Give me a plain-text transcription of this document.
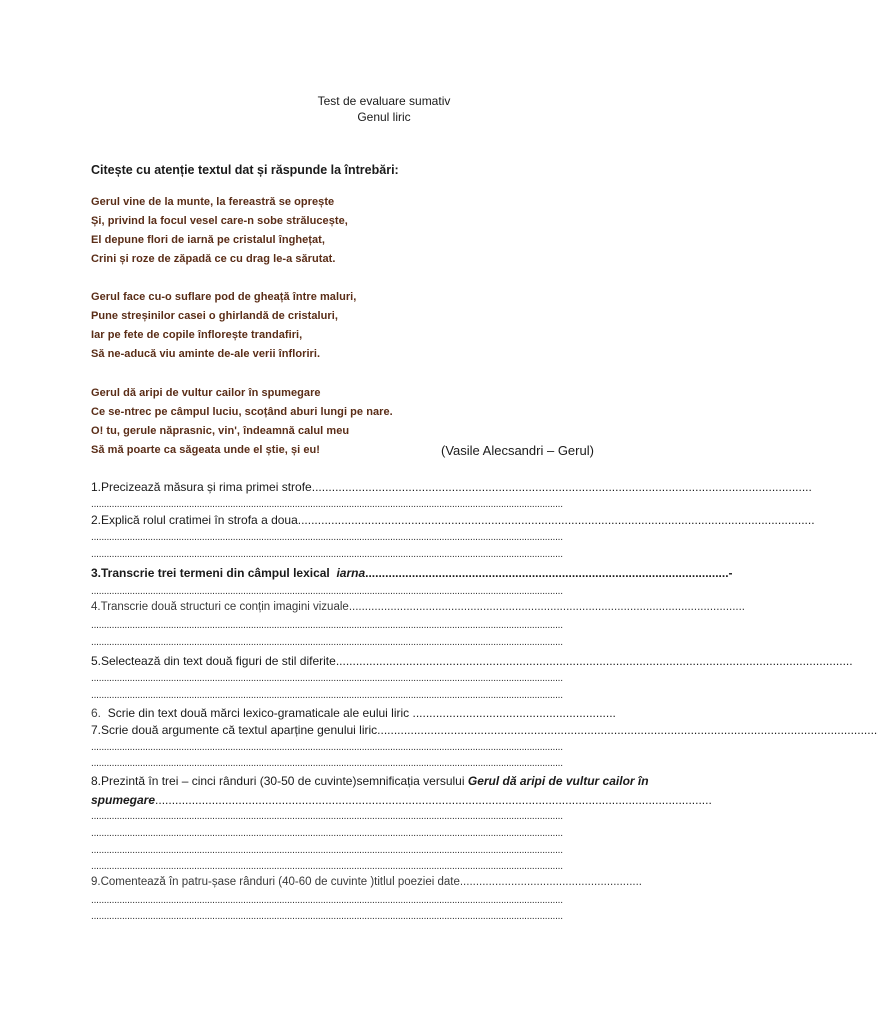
Test de evaluare sumativ
Genul liric
Citește cu atenție textul dat și răspunde la întrebări:
Gerul vine de la munte, la fereastră se oprește
Și, privind la focul vesel care-n sobe strălucește,
El depune flori de iarnă pe cristalul înghețat,
Crini și roze de zăpadă ce cu drag le-a sărutat.
Gerul face cu-o suflare pod de gheață între maluri,
Pune streșinilor casei o ghirlandă de cristaluri,
Iar pe fete de copile înflorește trandafiri,
Să ne-aducă viu aminte de-ale verii înfloriri.
Gerul dă aripi de vultur cailor în spumegare
Ce se-ntrec pe câmpul luciu, scoțând aburi lungi pe nare.
O! tu, gerule năprasnic, vin', îndeamnă calul meu
Să mă poarte ca săgeata unde el știe, și eu!	(Vasile Alecsandri – Gerul)
1.Precizează măsura și rima primei strofe......................................................................................................................................................
.......................................................................................................................................................................................
2.Explică rolul cratimei în strofa a doua...........................................................................................................................................................
.......................................................................................................................................................................................
.......................................................................................................................................................................................
3.Transcrie trei termeni din câmpul lexical iarna.............................................................................................................-
.......................................................................................................................................................................................
4.Transcrie două structuri ce conțin imagini vizuale............................................................................................................................
.......................................................................................................................................................................................
.......................................................................................................................................................................................
5.Selectează din text două figuri de stil diferite...........................................................................................................................................................
.......................................................................................................................................................................................
.......................................................................................................................................................................................
6. Scrie din text două mărci lexico-gramaticale ale eului liric .............................................................
7.Scrie două argumente că textul aparține genului liric......................................................................................................................................................
.......................................................................................................................................................................................
.......................................................................................................................................................................................
8.Prezintă în trei – cinci rânduri (30-50 de cuvinte)semnificația versului Gerul dă aripi de vultur cailor în
spumegare.......................................................................................................................................................................
.......................................................................................................................................................................................
.......................................................................................................................................................................................
.......................................................................................................................................................................................
.......................................................................................................................................................................................
9.Comentează în patru-șase rânduri (40-60 de cuvinte )titlul poeziei date.........................................................
.......................................................................................................................................................................................
.......................................................................................................................................................................................
